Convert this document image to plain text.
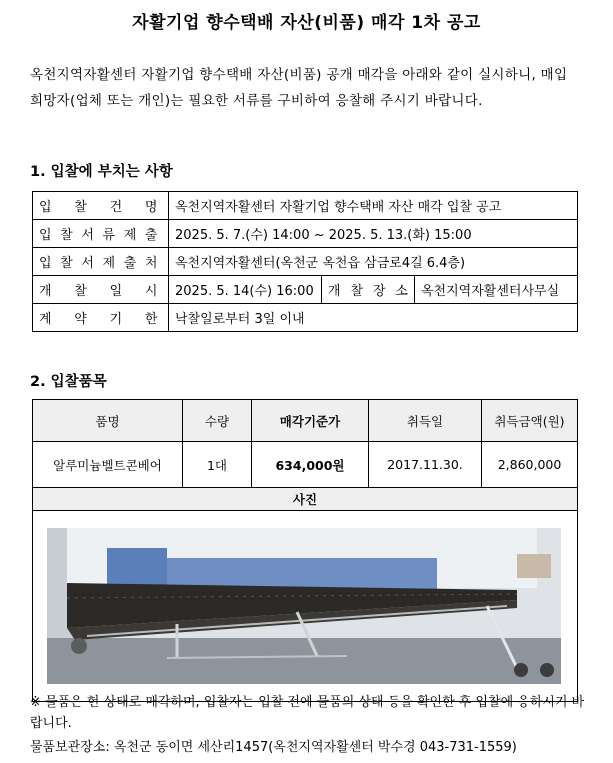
자활기업 향수택배 자산(비품) 매각 1차 공고
옥천지역자활센터 자활기업 향수택배 자산(비품) 공개 매각을 아래와 같이 실시하니, 매입 희망자(업체 또는 개인)는 필요한 서류를 구비하여 응찰해 주시기 바랍니다.
1. 입찰에 부치는 사항
입 찰 건 명	옥천지역자활센터 자활기업 향수택배 자산 매각 입찰 공고		
입 찰 서 류 제 출	2025. 5. 7.(수) 14:00 ~ 2025. 5. 13.(화) 15:00		
입 찰 서 제 출 처	옥천지역자활센터(옥천군 옥천읍 삼금로4길 6.4층)		
개 찰 일 시	2025. 5. 14(수) 16:00	개 찰 장 소	옥천지역자활센터사무실
계 약 기 한	낙찰일로부터 3일 이내		
2. 입찰품목
품명	수량	매각기준가	취득일	취득금액(원)
알루미늄벨트콘베어	1대	634,000원	2017.11.30.	2,860,000
사진				

※ 물품은 현 상태로 매각하며, 입찰자는 입찰 전에 물품의 상태 등을 확인한 후 입찰에 응하시기 바랍니다.
물품보관장소: 옥천군 동이면 세산리1457(옥천지역자활센터 박수경 043-731-1559)
